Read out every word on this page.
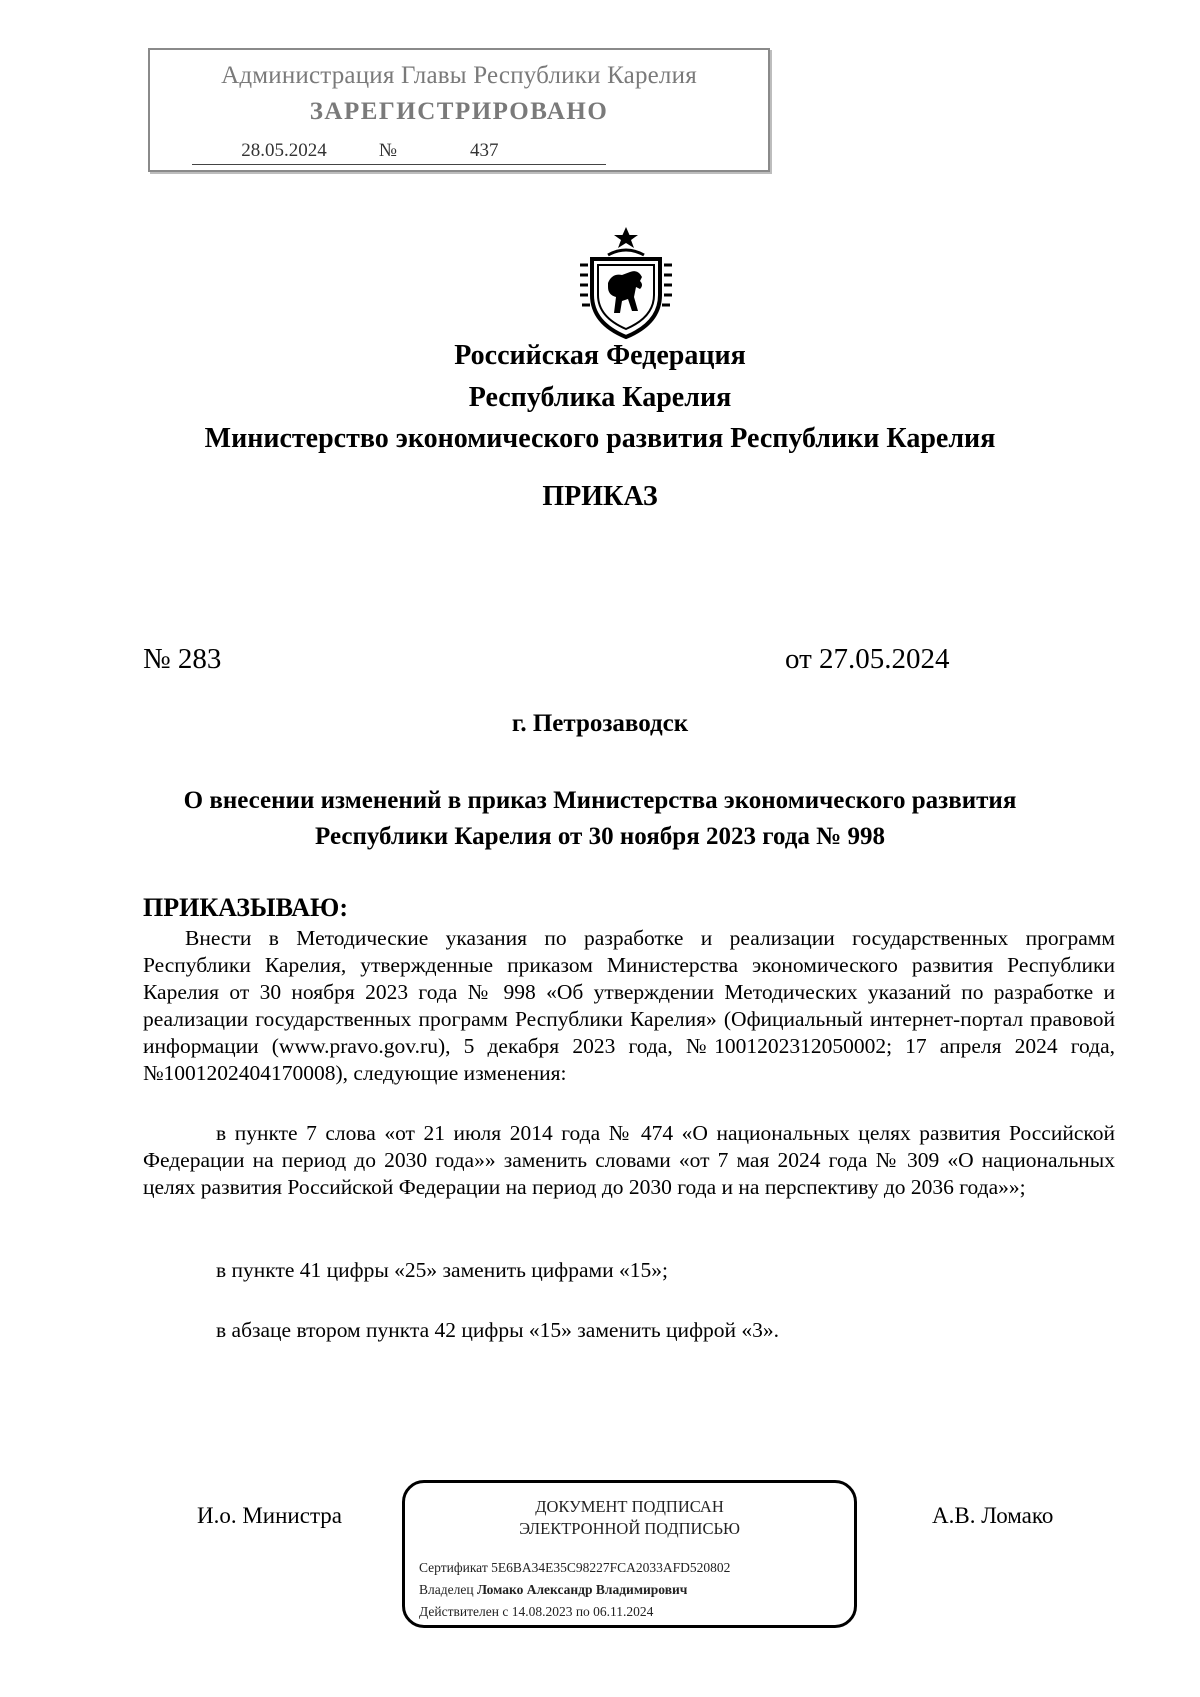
Администрация Главы Республики Карелия
ЗАРЕГИСТРИРОВАНО
28.05.2024	№	437
Российская Федерация
Республика Карелия
Министерство экономического развития Республики Карелия
ПРИКАЗ
№ 283	от 27.05.2024
г. Петрозаводск
О внесении изменений в приказ Министерства экономического развития
Республики Карелия от 30 ноября 2023 года № 998
ПРИКАЗЫВАЮ:
Внести в Методические указания по разработке и реализации государственных программ Республики Карелия, утвержденные приказом Министерства экономического развития Республики Карелия от 30 ноября 2023 года № 998 «Об утверждении Методических указаний по разработке и реализации государственных программ Республики Карелия» (Официальный интернет-портал правовой информации (www.pravo.gov.ru), 5 декабря 2023 года, №1001202312050002; 17 апреля 2024 года, №1001202404170008), следующие изменения:
в пункте 7 слова «от 21 июля 2014 года № 474 «О национальных целях развития Российской Федерации на период до 2030 года»» заменить словами «от 7 мая 2024 года № 309 «О национальных целях развития Российской Федерации на период до 2030 года и на перспективу до 2036 года»»;
в пункте 41 цифры «25» заменить цифрами «15»;
в абзаце втором пункта 42 цифры «15» заменить цифрой «3».
И.о. Министра	А.В. Ломако
ДОКУМЕНТ ПОДПИСАН
ЭЛЕКТРОННОЙ ПОДПИСЬЮ
Сертификат 5E6BA34E35C98227FCA2033AFD520802
Владелец Ломако Александр Владимирович
Действителен с 14.08.2023 по 06.11.2024
